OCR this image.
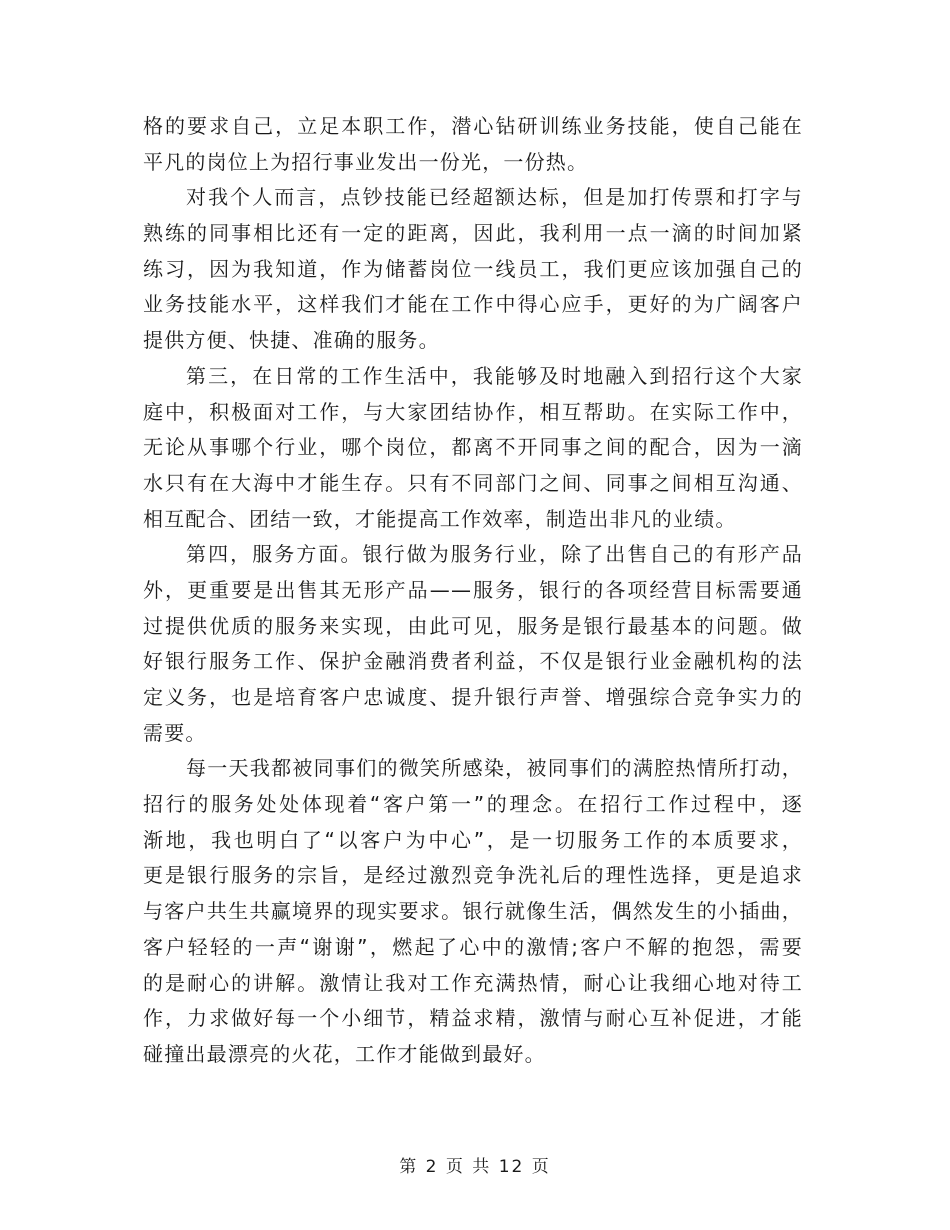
格的要求自己，立足本职工作，潜心钻研训练业务技能，使自己能在
平凡的岗位上为招行事业发出一份光，一份热。
对我个人而言，点钞技能已经超额达标，但是加打传票和打字与
熟练的同事相比还有一定的距离，因此，我利用一点一滴的时间加紧
练习，因为我知道，作为储蓄岗位一线员工，我们更应该加强自己的
业务技能水平，这样我们才能在工作中得心应手，更好的为广阔客户
提供方便、快捷、准确的服务。
第三，在日常的工作生活中，我能够及时地融入到招行这个大家
庭中，积极面对工作，与大家团结协作，相互帮助。在实际工作中，
无论从事哪个行业，哪个岗位，都离不开同事之间的配合，因为一滴
水只有在大海中才能生存。只有不同部门之间、同事之间相互沟通、
相互配合、团结一致，才能提高工作效率，制造出非凡的业绩。
第四，服务方面。银行做为服务行业，除了出售自己的有形产品
外，更重要是出售其无形产品——服务，银行的各项经营目标需要通
过提供优质的服务来实现，由此可见，服务是银行最基本的问题。做
好银行服务工作、保护金融消费者利益，不仅是银行业金融机构的法
定义务，也是培育客户忠诚度、提升银行声誉、增强综合竞争实力的
需要。
每一天我都被同事们的微笑所感染，被同事们的满腔热情所打动，
招行的服务处处体现着“客户第一”的理念。在招行工作过程中，逐
渐地，我也明白了“以客户为中心”，是一切服务工作的本质要求，
更是银行服务的宗旨，是经过激烈竞争洗礼后的理性选择，更是追求
与客户共生共赢境界的现实要求。银行就像生活，偶然发生的小插曲，
客户轻轻的一声“谢谢”，燃起了心中的激情;客户不解的抱怨，需要
的是耐心的讲解。激情让我对工作充满热情，耐心让我细心地对待工
作，力求做好每一个小细节，精益求精，激情与耐心互补促进，才能
碰撞出最漂亮的火花，工作才能做到最好。
第 2 页 共 12 页
